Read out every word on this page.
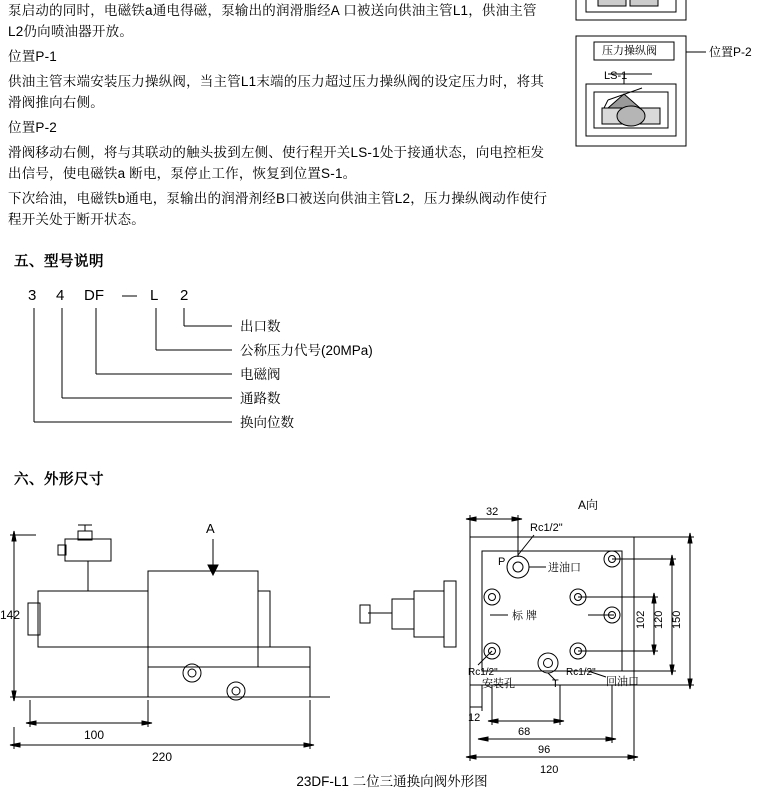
泵启动的同时，电磁铁a通电得磁，泵输出的润滑脂经A 口被送向供油主管L1，供油主管L2仍向喷油器开放。

位置P-1

供油主管末端安装压力操纵阀，当主管L1末端的压力超过压力操纵阀的设定压力时，将其滑阀推向右侧。

位置P-2

滑阀移动右侧，将与其联动的触头拔到左侧、使行程开关LS-1处于接通状态，向电控柜发出信号，使电磁铁a 断电，泵停止工作，恢复到位置S-1。

下次给油，电磁铁b通电，泵输出的润滑剂经B口被送向供油主管L2，压力操纵阀动作使行程开关处于断开状态。

压力操纵阀
LS-1
位置P-2
五、型号说明
3 4 DF — L 2
出口数
公称压力代号(20MPa)
电磁阀
通路数
换向位数
六、外形尺寸
142
100
220
A
A向
32
Rc1/2"
P	进油口
标 牌
Rc1/2"
安装孔	T
Rc1/2"
回油口
102 120 150
12
68
96
120
23DF-L1 二位三通换向阀外形图
